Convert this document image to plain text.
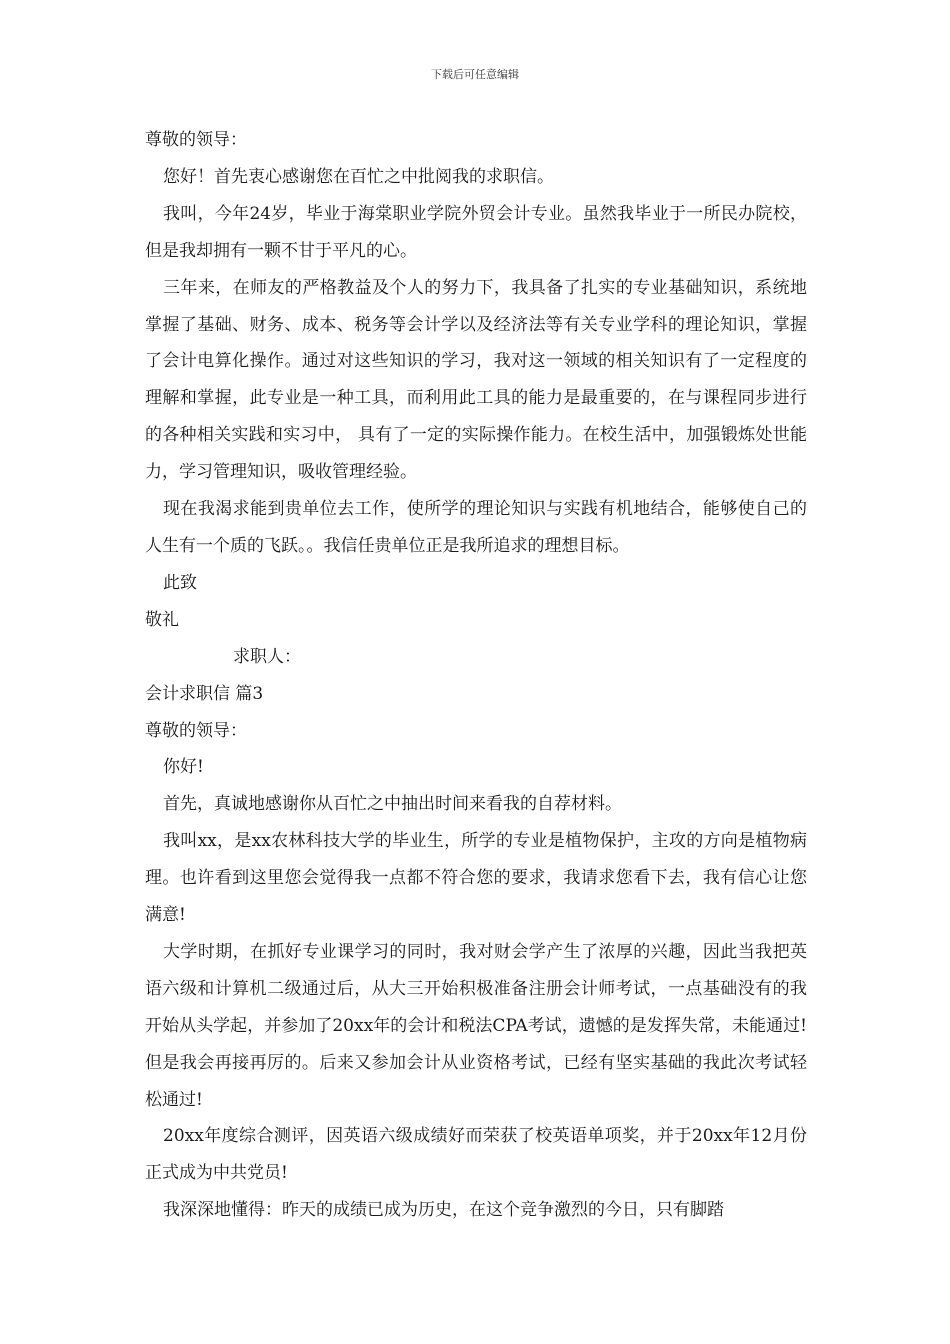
下载后可任意编辑

尊敬的领导：

您好！首先衷心感谢您在百忙之中批阅我的求职信。

我叫，今年24岁，毕业于海棠职业学院外贸会计专业。虽然我毕业于一所民办院校，但是我却拥有一颗不甘于平凡的心。

三年来，在师友的严格教益及个人的努力下，我具备了扎实的专业基础知识，系统地掌握了基础、财务、成本、税务等会计学以及经济法等有关专业学科的理论知识，掌握了会计电算化操作。通过对这些知识的学习，我对这一领域的相关知识有了一定程度的理解和掌握，此专业是一种工具，而利用此工具的能力是最重要的，在与课程同步进行的各种相关实践和实习中， 具有了一定的实际操作能力。在校生活中，加强锻炼处世能力，学习管理知识，吸收管理经验。

现在我渴求能到贵单位去工作，使所学的理论知识与实践有机地结合，能够使自己的人生有一个质的飞跃。。我信任贵单位正是我所追求的理想目标。

此致

敬礼

求职人：

会计求职信 篇3

尊敬的领导：

你好!

首先，真诚地感谢你从百忙之中抽出时间来看我的自荐材料。

我叫xx，是xx农林科技大学的毕业生，所学的专业是植物保护，主攻的方向是植物病理。也许看到这里您会觉得我一点都不符合您的要求，我请求您看下去，我有信心让您满意!

大学时期，在抓好专业课学习的同时，我对财会学产生了浓厚的兴趣，因此当我把英语六级和计算机二级通过后，从大三开始积极准备注册会计师考试，一点基础没有的我开始从头学起，并参加了20xx年的会计和税法CPA考试，遗憾的是发挥失常，未能通过!但是我会再接再厉的。后来又参加会计从业资格考试，已经有坚实基础的我此次考试轻松通过!

20xx年度综合测评，因英语六级成绩好而荣获了校英语单项奖，并于20xx年12月份正式成为中共党员!

我深深地懂得：昨天的成绩已成为历史，在这个竞争激烈的今日，只有脚踏
